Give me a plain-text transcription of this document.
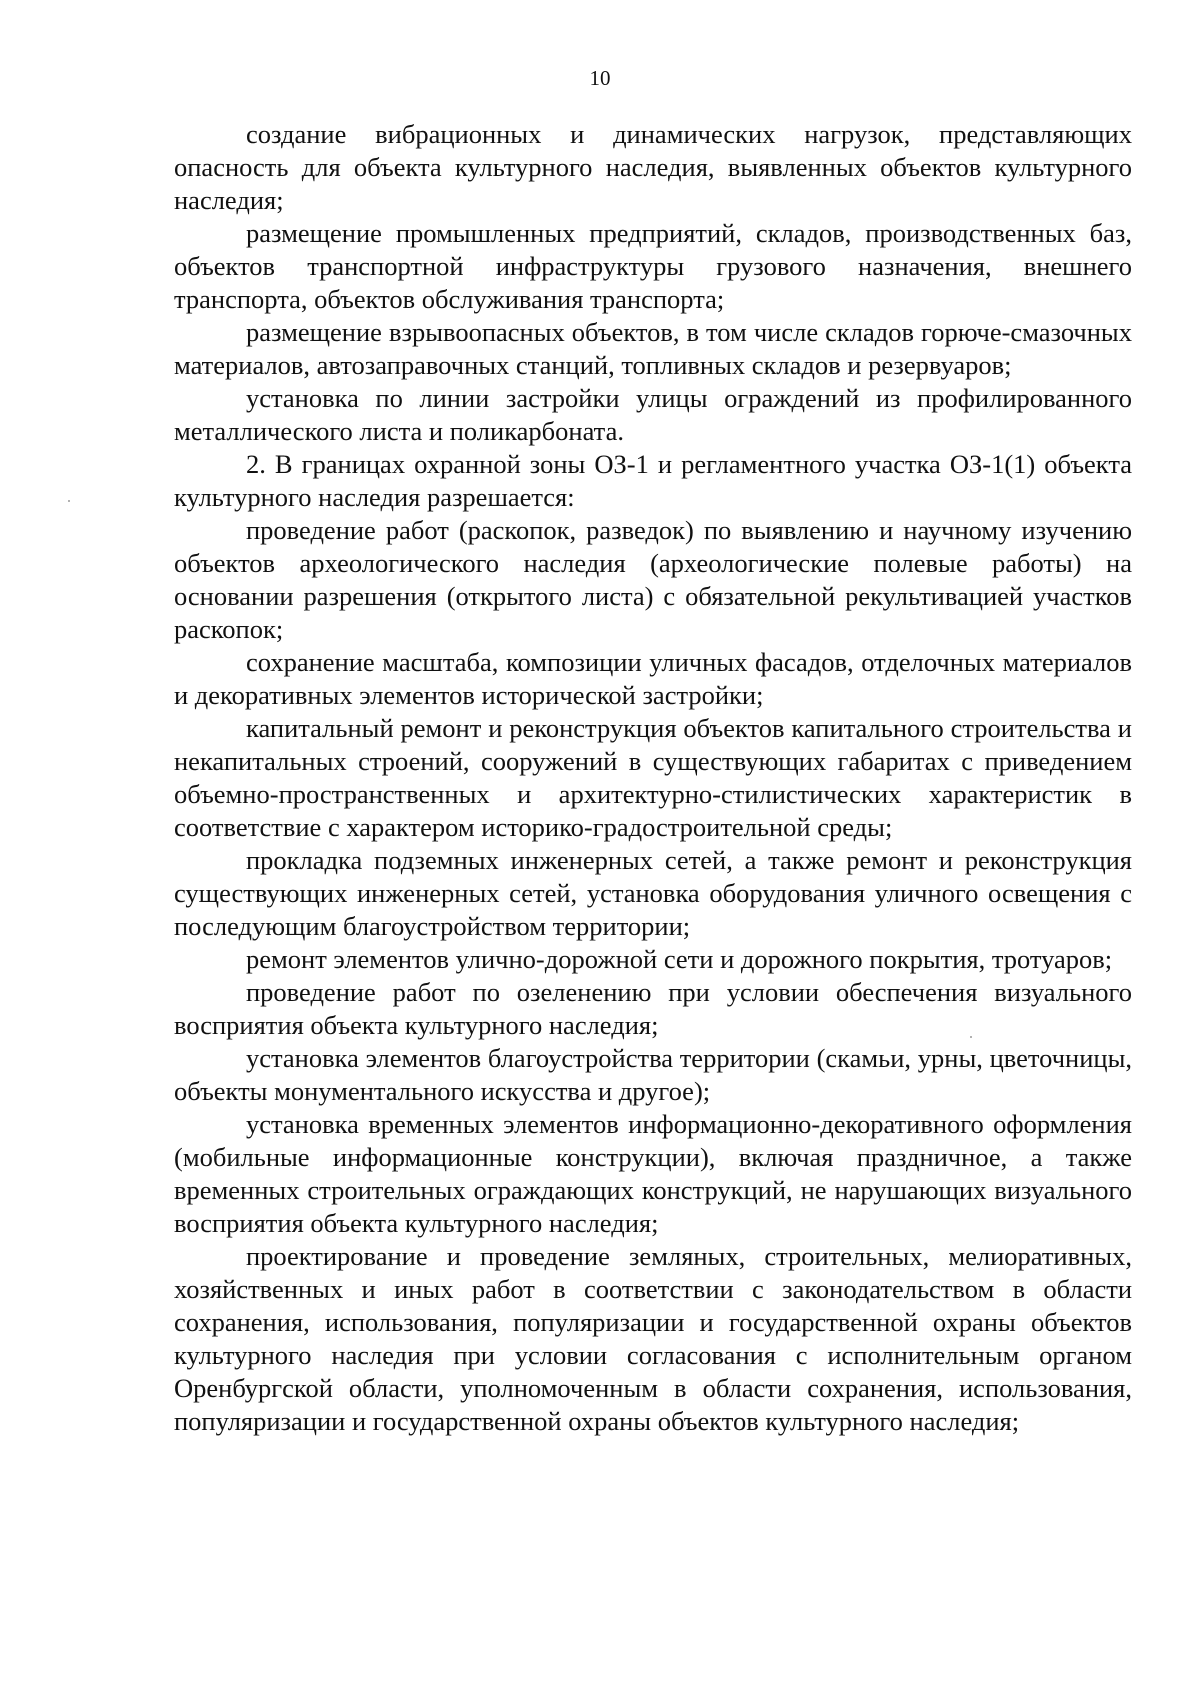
10

создание вибрационных и динамических нагрузок, представляющих опасность для объекта культурного наследия, выявленных объектов культурного наследия;

размещение промышленных предприятий, складов, производственных баз, объектов транспортной инфраструктуры грузового назначения, внешнего транспорта, объектов обслуживания транспорта;

размещение взрывоопасных объектов, в том числе складов горюче-смазочных материалов, автозаправочных станций, топливных складов и резервуаров;

установка по линии застройки улицы ограждений из профилированного металлического листа и поликарбоната.

2. В границах охранной зоны ОЗ-1 и регламентного участка ОЗ-1(1) объекта культурного наследия разрешается:

проведение работ (раскопок, разведок) по выявлению и научному изучению объектов археологического наследия (археологические полевые работы) на основании разрешения (открытого листа) с обязательной рекультивацией участков раскопок;

сохранение масштаба, композиции уличных фасадов, отделочных материалов и декоративных элементов исторической застройки;

капитальный ремонт и реконструкция объектов капитального строительства и некапитальных строений, сооружений в существующих габаритах с приведением объемно-пространственных и архитектурно-стилистических характеристик в соответствие с характером историко-градостроительной среды;

прокладка подземных инженерных сетей, а также ремонт и реконструкция существующих инженерных сетей, установка оборудования уличного освещения с последующим благоустройством территории;

ремонт элементов улично-дорожной сети и дорожного покрытия, тротуаров;

проведение работ по озеленению при условии обеспечения визуального восприятия объекта культурного наследия;

установка элементов благоустройства территории (скамьи, урны, цветочницы, объекты монументального искусства и другое);

установка временных элементов информационно-декоративного оформления (мобильные информационные конструкции), включая праздничное, а также временных строительных ограждающих конструкций, не нарушающих визуального восприятия объекта культурного наследия;

проектирование и проведение земляных, строительных, мелиоративных, хозяйственных и иных работ в соответствии с законодательством в области сохранения, использования, популяризации и государственной охраны объектов культурного наследия при условии согласования с исполнительным органом Оренбургской области, уполномоченным в области сохранения, использования, популяризации и государственной охраны объектов культурного наследия;
